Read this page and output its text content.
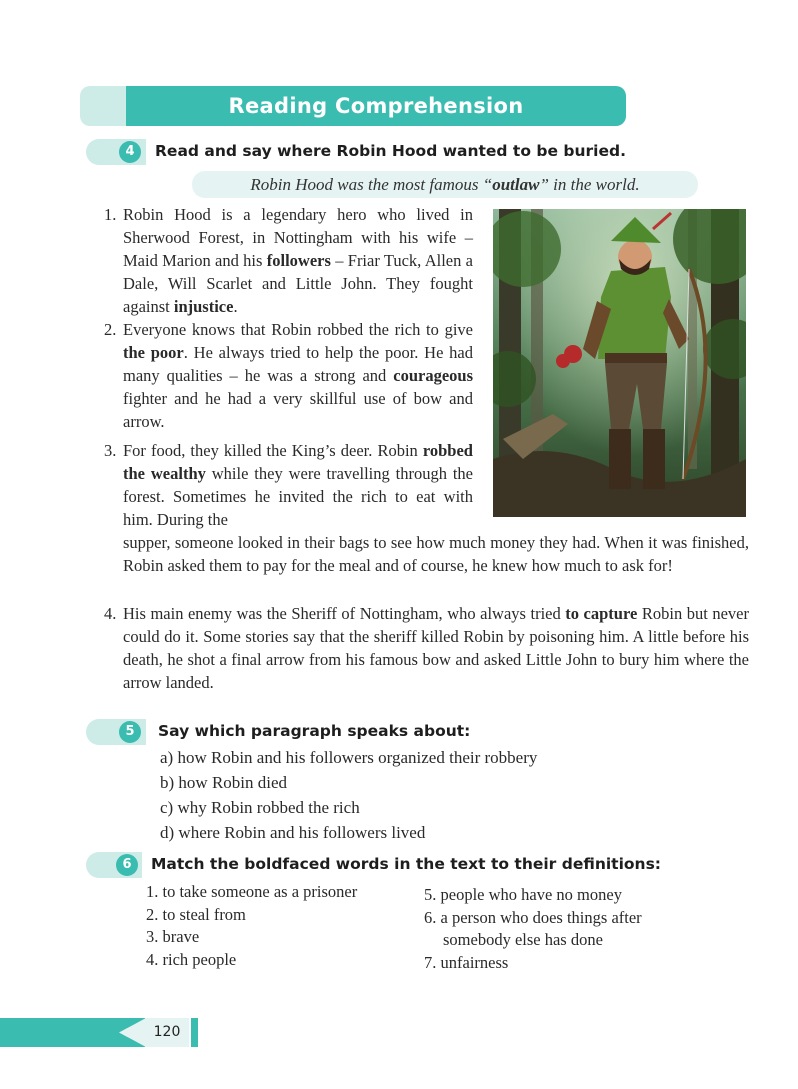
Reading Comprehension
4	Read and say where Robin Hood wanted to be buried.
Robin Hood was the most famous “outlaw” in the world.
1. Robin Hood is a legendary hero who lived in Sherwood Forest, in Nottingham with his wife – Maid Marion and his followers – Friar Tuck, Allen a Dale, Will Scarlet and Little John. They fought against injustice.
2. Everyone knows that Robin robbed the rich to give the poor. He always tried to help the poor. He had many qualities – he was a strong and courageous fighter and he had a very skillful use of bow and arrow.
3. For food, they killed the King’s deer. Robin robbed the wealthy while they were travelling through the forest. Sometimes he invited the rich to eat with him. During the
supper, someone looked in their bags to see how much money they had. When it was finished, Robin asked them to pay for the meal and of course, he knew how much to ask for!
4. His main enemy was the Sheriff of Nottingham, who always tried to capture Robin but never could do it. Some stories say that the sheriff killed Robin by poisoning him. A little before his death, he shot a final arrow from his famous bow and asked Little John to bury him where the arrow landed.
5	Say which paragraph speaks about:
a) how Robin and his followers organized their robbery
b) how Robin died
c) why Robin robbed the rich
d) where Robin and his followers lived
6	Match the boldfaced words in the text to their definitions:
1. to take someone as a prisoner
2. to steal from
3. brave
4. rich people
5. people who have no money
6. a person who does things after
somebody else has done
7. unfairness
120
